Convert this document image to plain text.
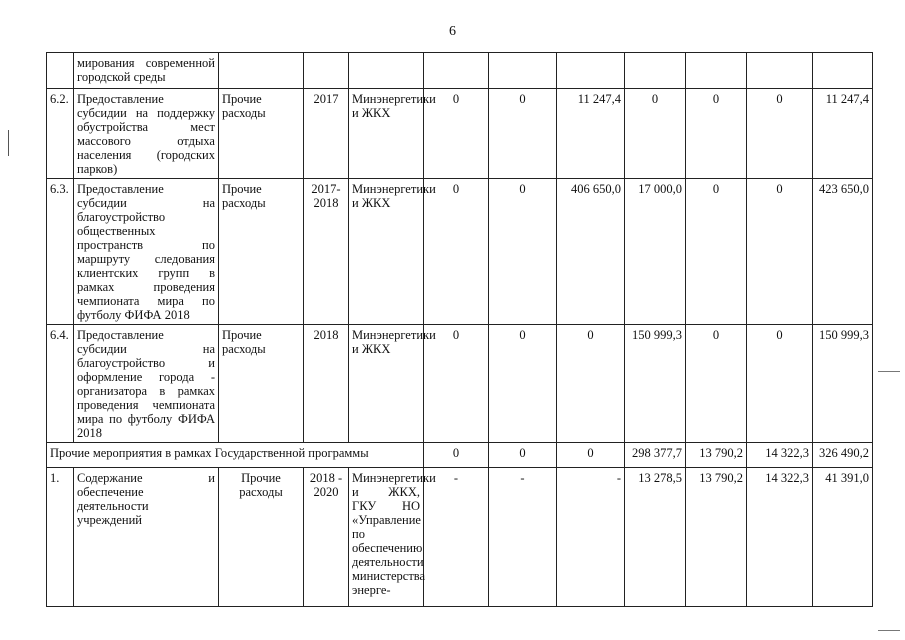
6
	мирования современной городской среды										
6.2.	Предоставление субсидии на поддержку обустройства мест массового отдыха населения (городских парков)	Прочие расходы	2017	Минэнергетики и ЖКХ	0	0	11 247,4	0	0	0	11 247,4
6.3.	Предоставление субсидии на благоустройство общественных пространств по маршруту следования клиентских групп в рамках проведения чемпионата мира по футболу ФИФА 2018	Прочие расходы	2017-2018	Минэнергетики и ЖКХ	0	0	406 650,0	17 000,0	0	0	423 650,0
6.4.	Предоставление субсидии на благоустройство и оформление города - организатора в рамках проведения чемпионата мира по футболу ФИФА 2018	Прочие расходы	2018	Минэнергетики и ЖКХ	0	0	0	150 999,3	0	0	150 999,3
Прочие мероприятия в рамках Государственной программы					0	0	0	298 377,7	13 790,2	14 322,3	326 490,2
1.	Содержание и обеспечение деятельности учреждений	Прочие расходы	2018 - 2020	Минэнергетики и ЖКХ, ГКУ НО «Управление по обеспечению деятельности министерства энерге-	-	-	-	13 278,5	13 790,2	14 322,3	41 391,0
